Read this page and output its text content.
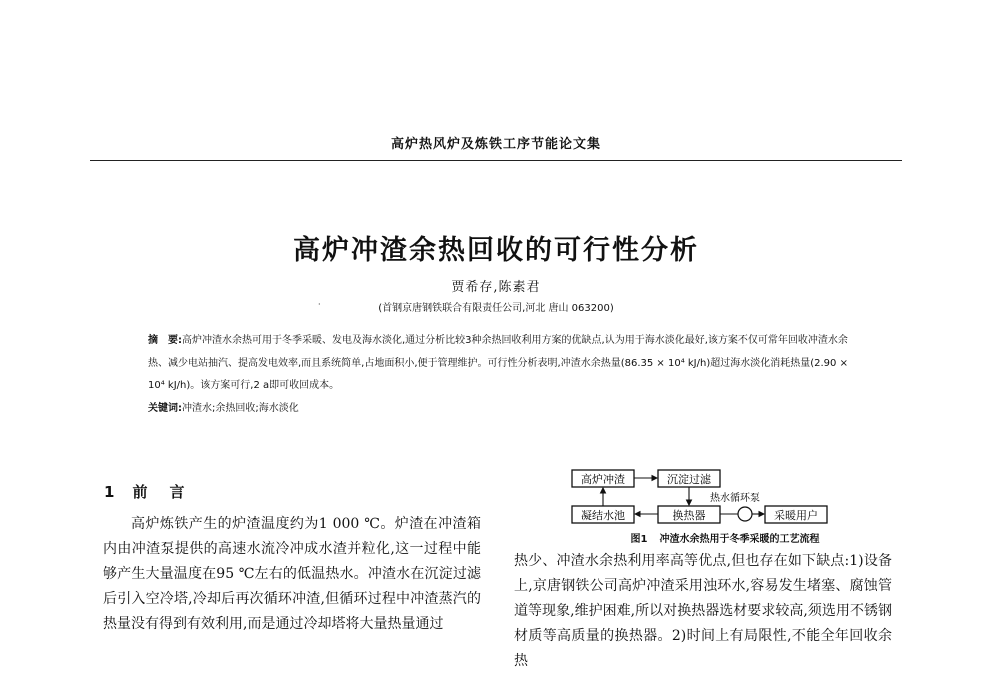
高炉热风炉及炼铁工序节能论文集
高炉冲渣余热回收的可行性分析
贾希存,陈素君
·	(首钢京唐钢铁联合有限责任公司,河北 唐山 063200)
摘　要:高炉冲渣水余热可用于冬季采暖、发电及海水淡化,通过分析比较3种余热回收利用方案的优缺点,认为用于海水淡化最好,该方案不仅可常年回收冲渣水余热、减少电站抽汽、提高发电效率,而且系统简单,占地面积小,便于管理维护。可行性分析表明,冲渣水余热量(86.35 × 10⁴ kJ/h)超过海水淡化消耗热量(2.90 × 10⁴ kJ/h)。该方案可行,2 a即可收回成本。
关键词:冲渣水;余热回收;海水淡化
1 前言

高炉炼铁产生的炉渣温度约为1 000 ℃。炉渣在冲渣箱内由冲渣泵提供的高速水流冷冲成水渣并粒化,这一过程中能够产生大量温度在95 ℃左右的低温热水。冲渣水在沉淀过滤后引入空冷塔,冷却后再次循环冲渣,但循环过程中冲渣蒸汽的热量没有得到有效利用,而是通过冷却塔将大量热量通过

高炉冲渣	沉淀过滤
凝结水池	换热器	采暖用户
热水循环泵
图1 冲渣水余热用于冬季采暖的工艺流程

热少、冲渣水余热利用率高等优点,但也存在如下缺点:1)设备上,京唐钢铁公司高炉冲渣采用浊环水,容易发生堵塞、腐蚀管道等现象,维护困难,所以对换热器选材要求较高,须选用不锈钢材质等高质量的换热器。2)时间上有局限性,不能全年回收余热
